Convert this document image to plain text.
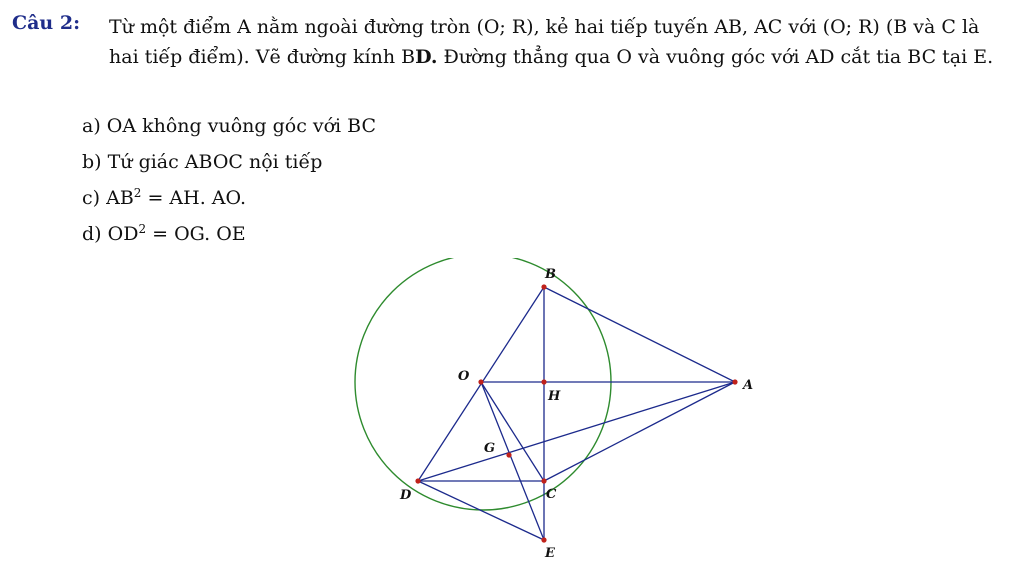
Câu 2: Từ một điểm A nằm ngoài đường tròn (O; R), kẻ hai tiếp tuyến AB, AC với (O; R) (B và C là hai tiếp điểm). Vẽ đường kính BD. Đường thẳng qua O và vuông góc với AD cắt tia BC tại E.
a) OA không vuông góc với BC
b) Tứ giác ABOC nội tiếp
c) $AB^2$ = AH. AO.
d) $OD^2$ = OG. OE
B
O
H
A
G
D	C
E
